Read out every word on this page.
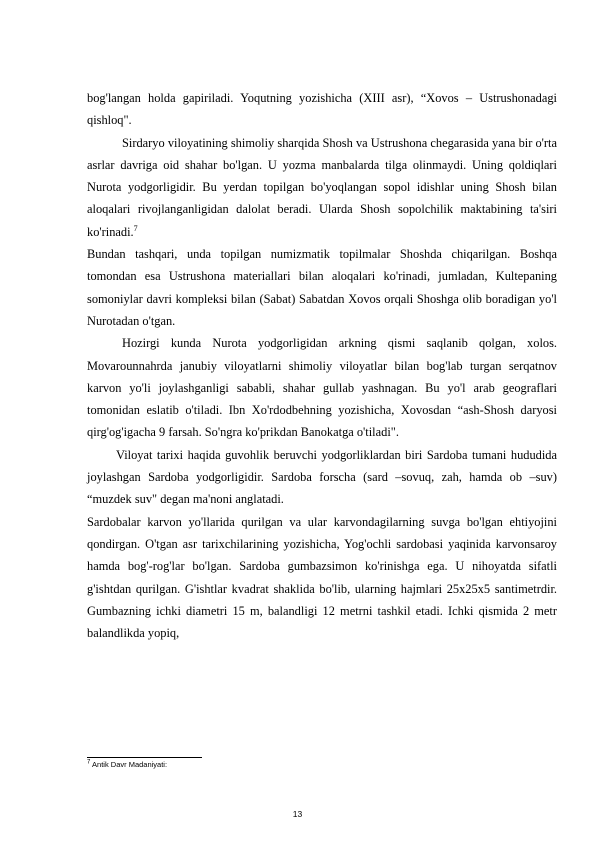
bog'langan holda gapiriladi. Yoqutning yozishicha (XIII asr), “Xovos – Ustrushonadagi qishloq".

Sirdaryo viloyatining shimoliy sharqida Shosh va Ustrushona chegarasida yana bir o'rta asrlar davriga oid shahar bo'lgan. U yozma manbalarda tilga olinmaydi. Uning qoldiqlari Nurota yodgorligidir. Bu yerdan topilgan bo'yoqlangan sopol idishlar uning Shosh bilan aloqalari rivojlanganligidan dalolat beradi. Ularda Shosh sopolchilik maktabining ta'siri ko'rinadi.$^7$

Bundan tashqari, unda topilgan numizmatik topilmalar Shoshda chiqarilgan. Boshqa tomondan esa Ustrushona materiallari bilan aloqalari ko'rinadi, jumladan, Kultepaning somoniylar davri kompleksi bilan (Sabat) Sabatdan Xovos orqali Shoshga olib boradigan yo'l Nurotadan o'tgan.

Hozirgi kunda Nurota yodgorligidan arkning qismi saqlanib qolgan, xolos. Movarounnahrda janubiy viloyatlarni shimoliy viloyatlar bilan bog'lab turgan serqatnov karvon yo'li joylashganligi sababli, shahar gullab yashnagan. Bu yo'l arab geograflari tomonidan eslatib o'tiladi. Ibn Xo'rdodbehning yozishicha, Xovosdan “ash-Shosh daryosi qirg'og'igacha 9 farsah. So'ngra ko'prikdan Banokatga o'tiladi".

Viloyat tarixi haqida guvohlik beruvchi yodgorliklardan biri Sardoba tumani hududida joylashgan Sardoba yodgorligidir. Sardoba forscha (sard –sovuq, zah, hamda ob –suv) “muzdek suv" degan ma'noni anglatadi.

Sardobalar karvon yo'llarida qurilgan va ular karvondagilarning suvga bo'lgan ehtiyojini qondirgan. O'tgan asr tarixchilarining yozishicha, Yog'ochli sardobasi yaqinida karvonsaroy hamda bog'-rog'lar bo'lgan. Sardoba gumbazsimon ko'rinishga ega. U nihoyatda sifatli g'ishtdan qurilgan. G'ishtlar kvadrat shaklida bo'lib, ularning hajmlari 25x25x5 santimetrdir. Gumbazning ichki diametri 15 m, balandligi 12 metrni tashkil etadi. Ichki qismida 2 metr balandlikda yopiq,

$^7$ Antik Davr Madaniyati:
13
